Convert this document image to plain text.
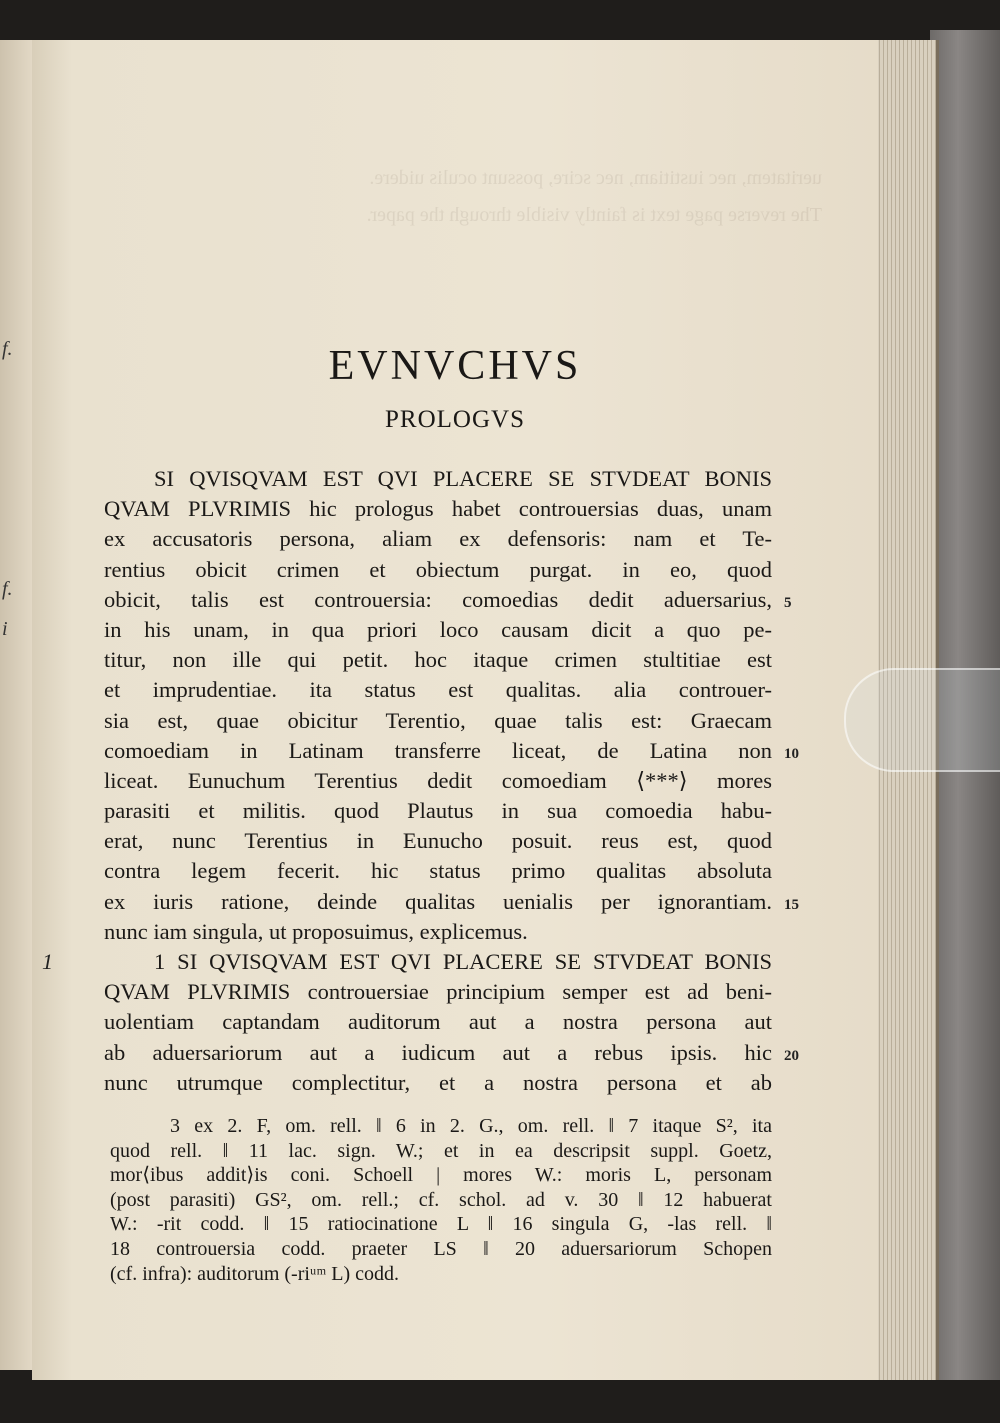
f.
f.
i
ueritatem, nec iustitiam, nec scire, possunt oculis uidere.
The reverse page text is faintly visible through the paper.
EVNVCHVS
PROLOGVS
SI QVISQVAM EST QVI PLACERE SE STVDEAT BONIS
QVAM PLVRIMIS hic prologus habet controuersias duas, unam
ex accusatoris persona, aliam ex defensoris: nam et Te-
rentius obicit crimen et obiectum purgat. in eo, quod
obicit, talis est controuersia: comoedias dedit aduersarius, 5
in his unam, in qua priori loco causam dicit a quo pe-
titur, non ille qui petit. hoc itaque crimen stultitiae est
et imprudentiae. ita status est qualitas. alia controuer-
sia est, quae obicitur Terentio, quae talis est: Graecam
comoediam in Latinam transferre liceat, de Latina non 10
liceat. Eunuchum Terentius dedit comoediam ⟨***⟩ mores
parasiti et militis. quod Plautus in sua comoedia habu-
erat, nunc Terentius in Eunucho posuit. reus est, quod
contra legem fecerit. hic status primo qualitas absoluta
ex iuris ratione, deinde qualitas uenialis per ignorantiam. 15
nunc iam singula, ut proposuimus, explicemus.
1 SI QVISQVAM EST QVI PLACERE SE STVDEAT BONIS
1
QVAM PLVRIMIS controuersiae principium semper est ad beni-
uolentiam captandam auditorum aut a nostra persona aut
ab aduersariorum aut a iudicum aut a rebus ipsis. hic 20
nunc utrumque complectitur, et a nostra persona et ab
3 ex 2. F, om. rell. ‖ 6 in 2. G., om. rell. ‖ 7 itaque S², ita
quod rell. ‖ 11 lac. sign. W.; et in ea descripsit suppl. Goetz,
mor⟨ibus addit⟩is coni. Schoell | mores W.: moris L, personam
(post parasiti) GS², om. rell.; cf. schol. ad v. 30 ‖ 12 habuerat
W.: -rit codd. ‖ 15 ratiocinatione L ‖ 16 singula G, -las rell. ‖
18 controuersia codd. praeter LS ‖ 20 aduersariorum Schopen
(cf. infra): auditorum (-riᵘᵐ L) codd.
